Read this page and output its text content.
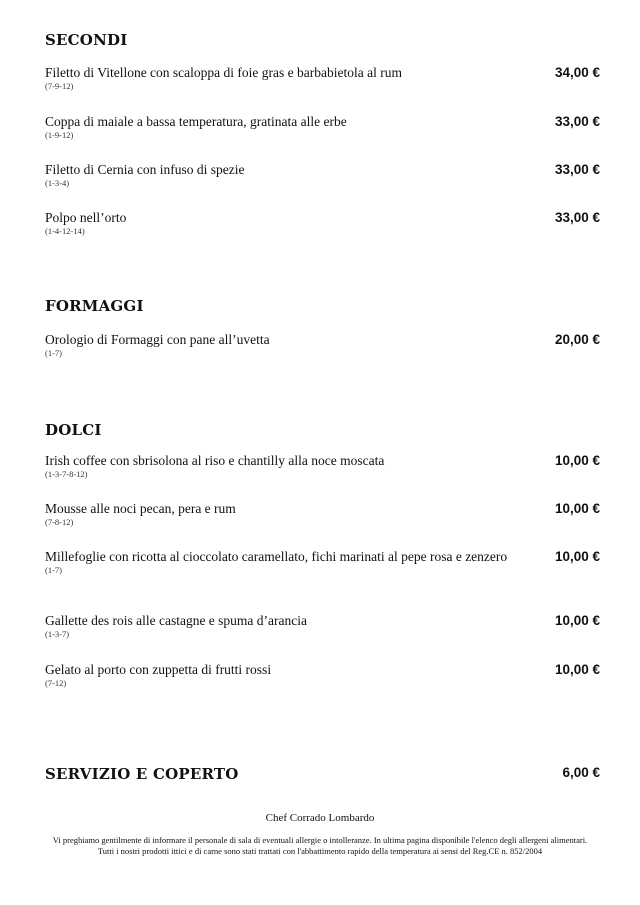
SECONDI
Filetto di Vitellone con scaloppa di foie gras e barbabietola al rum
(7-9-12)
34,00 €
Coppa di maiale a bassa temperatura, gratinata alle erbe
(1-9-12)
33,00 €
Filetto di Cernia con infuso di spezie
(1-3-4)
33,00 €
Polpo nell’orto
(1-4-12-14)
33,00 €
FORMAGGI
Orologio di Formaggi con pane all’uvetta
(1-7)
20,00 €
DOLCI
Irish coffee con sbrisolona al riso e chantilly alla noce moscata
(1-3-7-8-12)
10,00 €
Mousse alle noci pecan, pera e rum
(7-8-12)
10,00 €
Millefoglie con ricotta al cioccolato caramellato, fichi marinati al pepe rosa e zenzero
(1-7)
10,00 €
Gallette des rois alle castagne e spuma d’arancia
(1-3-7)
10,00 €
Gelato al porto con zuppetta di frutti rossi
(7-12)
10,00 €
SERVIZIO E COPERTO	6,00 €
Chef Corrado Lombardo
Vi preghiamo gentilmente di informare il personale di sala di eventuali allergie o intolleranze. In ultima pagina disponibile l'elenco degli allergeni alimentari.
Tutti i nostri prodotti ittici e di carne sono stati trattati con l'abbattimento rapido della temperatura ai sensi del Reg.CE n. 852/2004
